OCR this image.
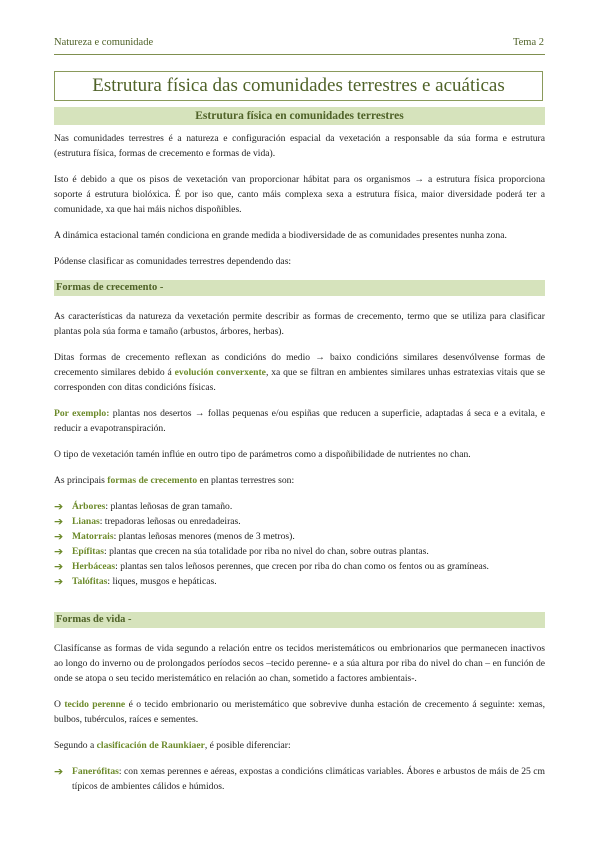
Natureza e comunidade	Tema 2
Estrutura física das comunidades terrestres e acuáticas
Estrutura física en comunidades terrestres

Nas comunidades terrestres é a natureza e configuración espacial da vexetación a responsable da súa forma e estrutura (estrutura física, formas de crecemento e formas de vida).

Isto é debido a que os pisos de vexetación van proporcionar hábitat para os organismos → a estrutura física proporciona soporte á estrutura biolóxica. É por iso que, canto máis complexa sexa a estrutura física, maior diversidade poderá ter a comunidade, xa que hai máis nichos dispoñibles.

A dinámica estacional tamén condiciona en grande medida a biodiversidade de as comunidades presentes nunha zona.

Pódense clasificar as comunidades terrestres dependendo das:

Formas de crecemento -

As características da natureza da vexetación permite describir as formas de crecemento, termo que se utiliza para clasificar plantas pola súa forma e tamaño (arbustos, árbores, herbas).

Ditas formas de crecemento reflexan as condicións do medio → baixo condicións similares desenvólvense formas de crecemento similares debido á evolución converxente, xa que se filtran en ambientes similares unhas estratexias vitais que se corresponden con ditas condicións físicas.

Por exemplo: plantas nos desertos → follas pequenas e/ou espiñas que reducen a superficie, adaptadas á seca e a evitala, e reducir a evapotranspiración.

O tipo de vexetación tamén inflúe en outro tipo de parámetros como a dispoñibilidade de nutrientes no chan.

As principais formas de crecemento en plantas terrestres son:

➔ Árbores: plantas leñosas de gran tamaño.
➔ Lianas: trepadoras leñosas ou enredadeiras.
➔ Matorrais: plantas leñosas menores (menos de 3 metros).
➔ Epífitas: plantas que crecen na súa totalidade por riba no nivel do chan, sobre outras plantas.
➔ Herbáceas: plantas sen talos leñosos perennes, que crecen por riba do chan como os fentos ou as gramíneas.
➔ Talófitas: liques, musgos e hepáticas.
Formas de vida -

Clasifícanse as formas de vida segundo a relación entre os tecidos meristemáticos ou embrionarios que permanecen inactivos ao longo do inverno ou de prolongados períodos secos –tecido perenne- e a súa altura por riba do nivel do chan – en función de onde se atopa o seu tecido meristemático en relación ao chan, sometido a factores ambientais-.

O tecido perenne é o tecido embrionario ou meristemático que sobrevive dunha estación de crecemento á seguinte: xemas, bulbos, tubérculos, raíces e sementes.

Segundo a clasificación de Raunkiaer, é posible diferenciar:

➔ Fanerófitas: con xemas perennes e aéreas, expostas a condicións climáticas variables. Ábores e arbustos de máis de 25 cm típicos de ambientes cálidos e húmidos.
